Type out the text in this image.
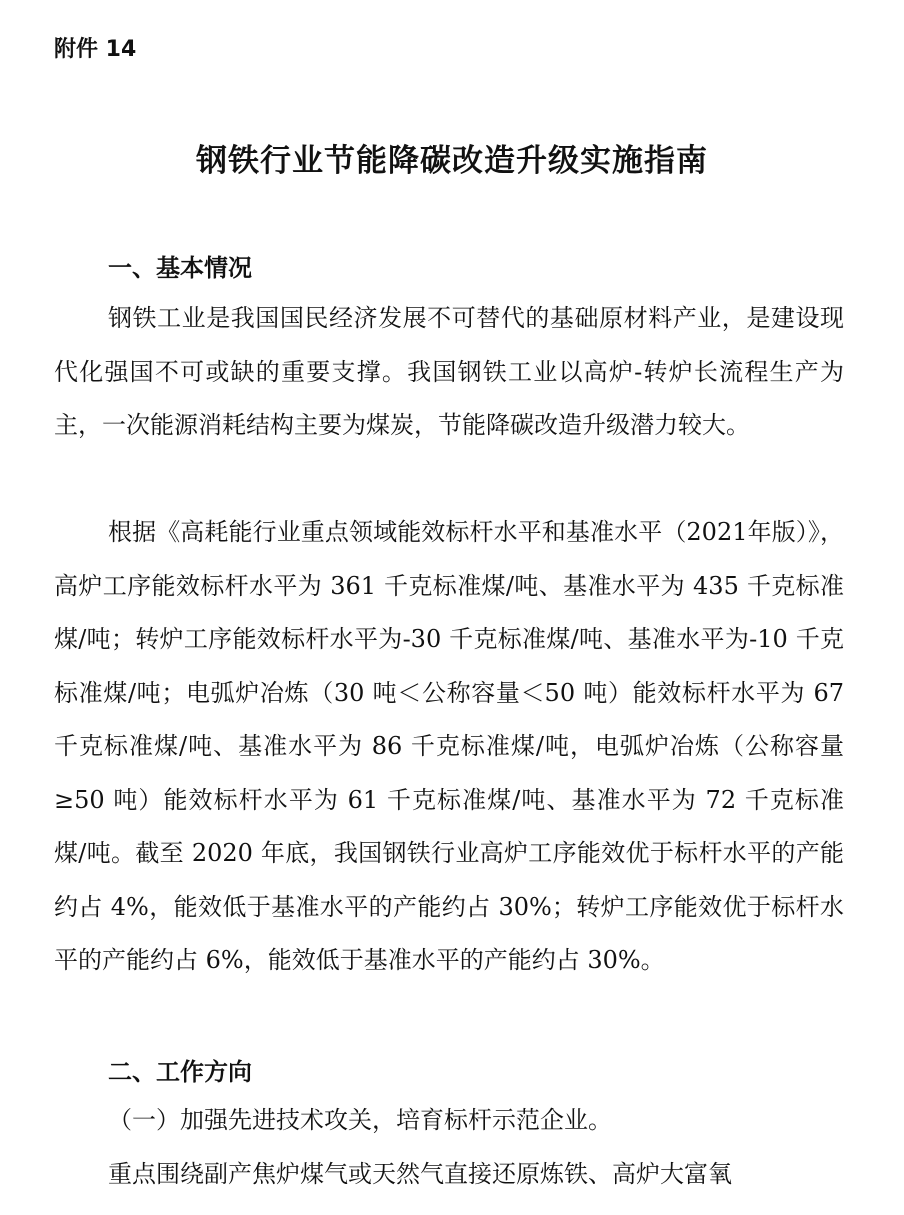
附件 14
钢铁行业节能降碳改造升级实施指南
一、基本情况

钢铁工业是我国国民经济发展不可替代的基础原材料产业，是建设现代化强国不可或缺的重要支撑。我国钢铁工业以高炉-转炉长流程生产为主，一次能源消耗结构主要为煤炭，节能降碳改造升级潜力较大。

根据《高耗能行业重点领域能效标杆水平和基准水平（2021年版）》，高炉工序能效标杆水平为 361 千克标准煤/吨、基准水平为 435 千克标准煤/吨；转炉工序能效标杆水平为-30 千克标准煤/吨、基准水平为-10 千克标准煤/吨；电弧炉冶炼（30 吨＜公称容量＜50 吨）能效标杆水平为 67 千克标准煤/吨、基准水平为 86 千克标准煤/吨，电弧炉冶炼（公称容量≥50 吨）能效标杆水平为 61 千克标准煤/吨、基准水平为 72 千克标准煤/吨。截至 2020 年底，我国钢铁行业高炉工序能效优于标杆水平的产能约占 4%，能效低于基准水平的产能约占 30%；转炉工序能效优于标杆水平的产能约占 6%，能效低于基准水平的产能约占 30%。

二、工作方向
（一）加强先进技术攻关，培育标杆示范企业。

重点围绕副产焦炉煤气或天然气直接还原炼铁、高炉大富氧
